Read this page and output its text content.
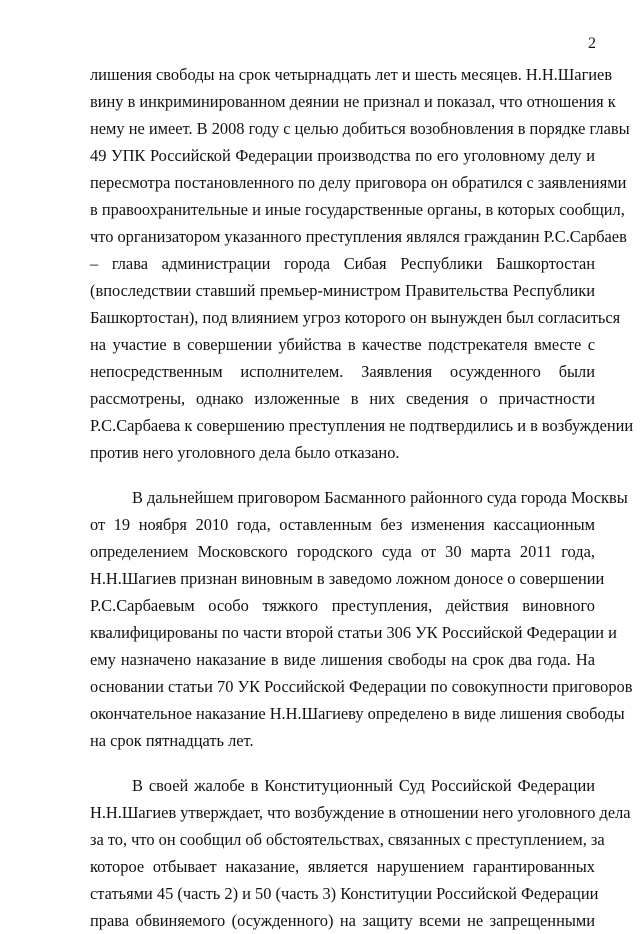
2
лишения свободы на срок четырнадцать лет и шесть месяцев. Н.Н.Шагиев
вину в инкриминированном деянии не признал и показал, что отношения к
нему не имеет. В 2008 году с целью добиться возобновления в порядке главы
49 УПК Российской Федерации производства по его уголовному делу и
пересмотра постановленного по делу приговора он обратился с заявлениями
в правоохранительные и иные государственные органы, в которых сообщил,
что организатором указанного преступления являлся гражданин Р.С.Сарбаев
– глава администрации города Сибая Республики Башкортостан
(впоследствии ставший премьер-министром Правительства Республики
Башкортостан), под влиянием угроз которого он вынужден был согласиться
на участие в совершении убийства в качестве подстрекателя вместе с
непосредственным исполнителем. Заявления осужденного были
рассмотрены, однако изложенные в них сведения о причастности
Р.С.Сарбаева к совершению преступления не подтвердились и в возбуждении
против него уголовного дела было отказано.
В дальнейшем приговором Басманного районного суда города Москвы
от 19 ноября 2010 года, оставленным без изменения кассационным
определением Московского городского суда от 30 марта 2011 года,
Н.Н.Шагиев признан виновным в заведомо ложном доносе о совершении
Р.С.Сарбаевым особо тяжкого преступления, действия виновного
квалифицированы по части второй статьи 306 УК Российской Федерации и
ему назначено наказание в виде лишения свободы на срок два года. На
основании статьи 70 УК Российской Федерации по совокупности приговоров
окончательное наказание Н.Н.Шагиеву определено в виде лишения свободы
на срок пятнадцать лет.
В своей жалобе в Конституционный Суд Российской Федерации
Н.Н.Шагиев утверждает, что возбуждение в отношении него уголовного дела
за то, что он сообщил об обстоятельствах, связанных с преступлением, за
которое отбывает наказание, является нарушением гарантированных
статьями 45 (часть 2) и 50 (часть 3) Конституции Российской Федерации
права обвиняемого (осужденного) на защиту всеми не запрещенными
